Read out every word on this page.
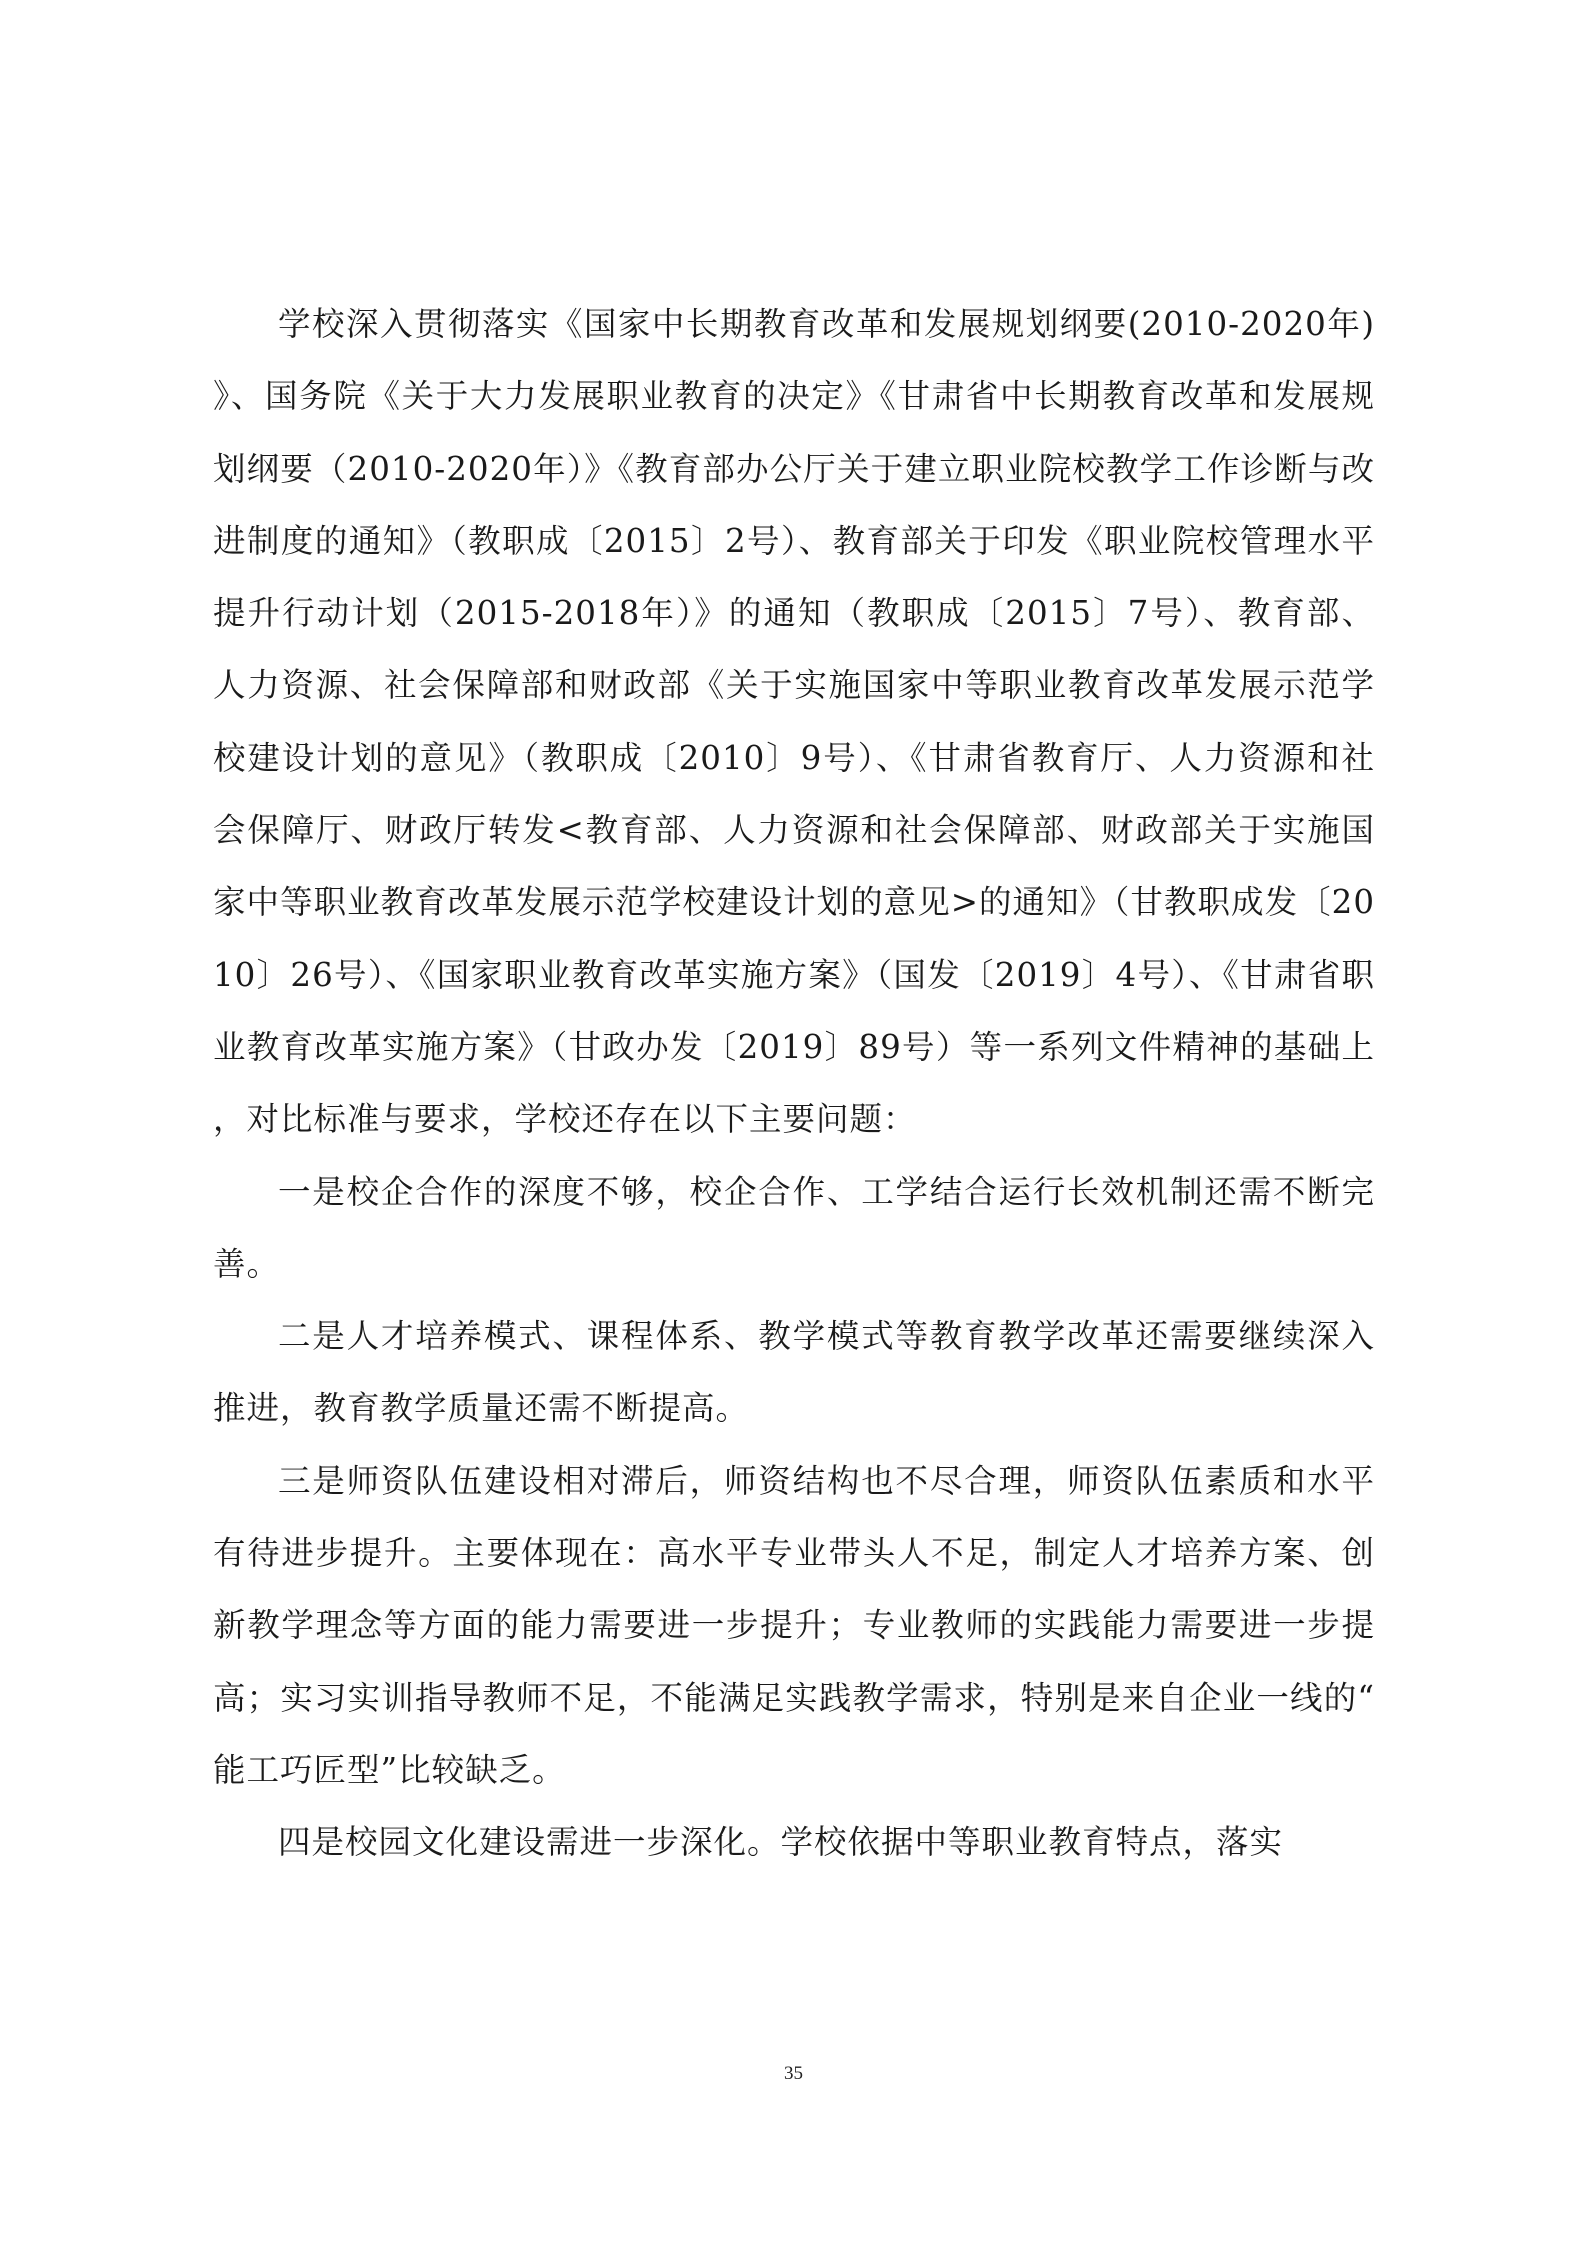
学校深入贯彻落实《国家中长期教育改革和发展规划纲要(2010-2020年)》、国务院《关于大力发展职业教育的决定》《甘肃省中长期教育改革和发展规划纲要（2010-2020年）》《教育部办公厅关于建立职业院校教学工作诊断与改进制度的通知》（教职成〔2015〕2号）、教育部关于印发《职业院校管理水平提升行动计划（2015-2018年）》的通知（教职成〔2015〕7号）、教育部、人力资源、社会保障部和财政部《关于实施国家中等职业教育改革发展示范学校建设计划的意见》（教职成〔2010〕9号）、《甘肃省教育厅、人力资源和社会保障厅、财政厅转发<教育部、人力资源和社会保障部、财政部关于实施国家中等职业教育改革发展示范学校建设计划的意见>的通知》（甘教职成发〔2010〕26号）、《国家职业教育改革实施方案》（国发〔2019〕4号）、《甘肃省职业教育改革实施方案》（甘政办发〔2019〕89号）等一系列文件精神的基础上，对比标准与要求，学校还存在以下主要问题：

一是校企合作的深度不够，校企合作、工学结合运行长效机制还需不断完善。

二是人才培养模式、课程体系、教学模式等教育教学改革还需要继续深入推进，教育教学质量还需不断提高。

三是师资队伍建设相对滞后，师资结构也不尽合理，师资队伍素质和水平有待进步提升。主要体现在：高水平专业带头人不足，制定人才培养方案、创新教学理念等方面的能力需要进一步提升；专业教师的实践能力需要进一步提高；实习实训指导教师不足，不能满足实践教学需求，特别是来自企业一线的“能工巧匠型”比较缺乏。

四是校园文化建设需进一步深化。学校依据中等职业教育特点，落实

35
